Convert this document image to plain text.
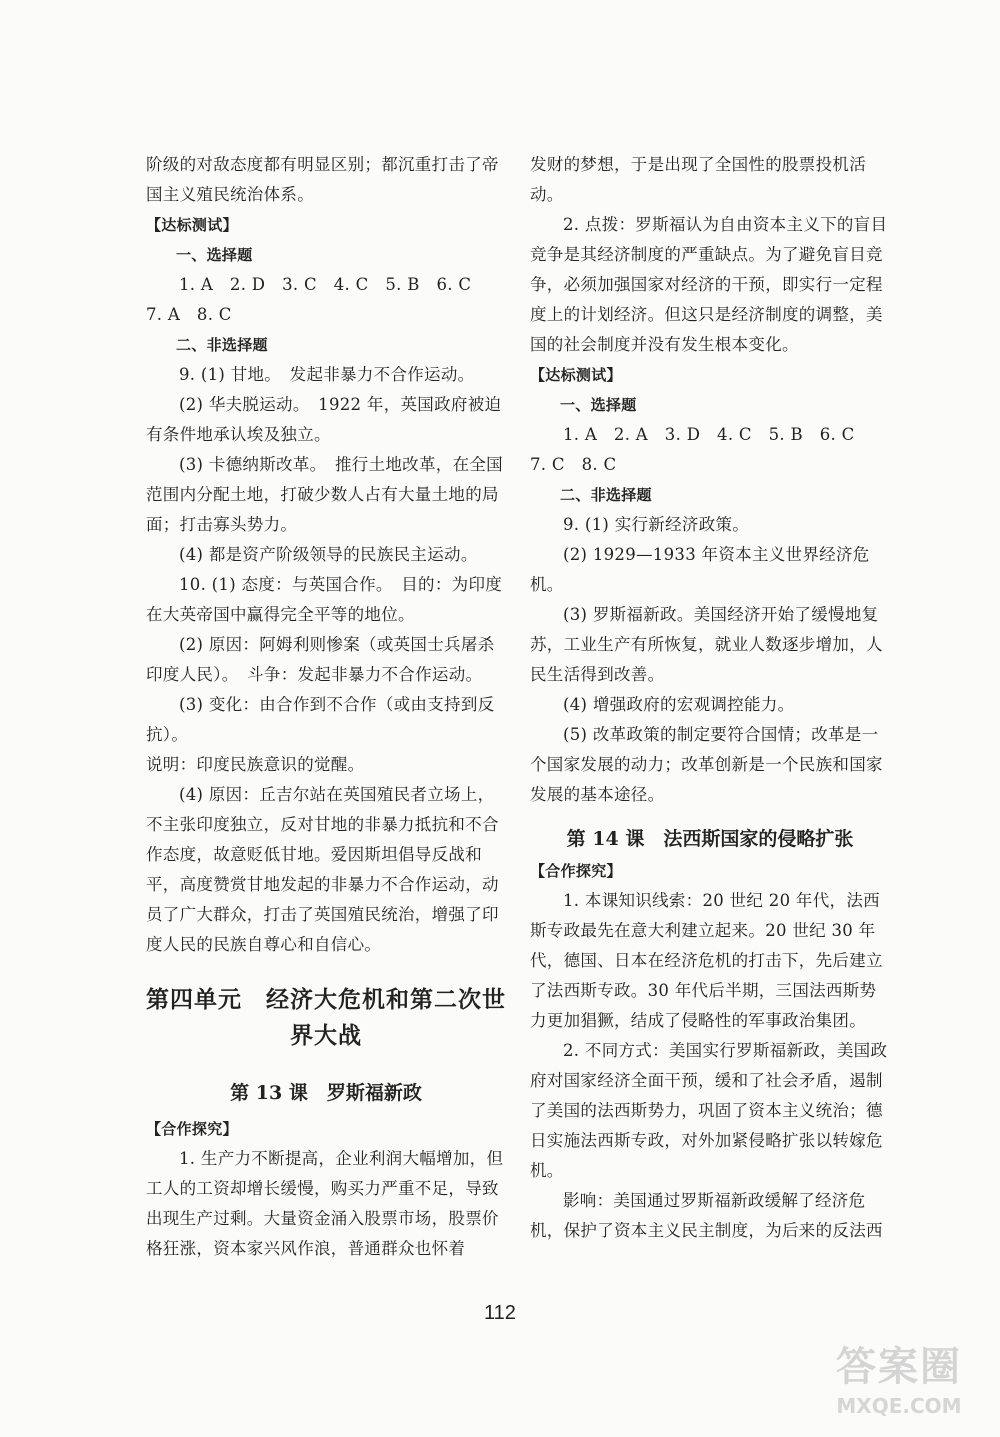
阶级的对敌态度都有明显区别；都沉重打击了帝国主义殖民统治体系。

【达标测试】

一、选择题

1. A　2. D　3. C　4. C　5. B　6. C

7. A　8. C

二、非选择题

9. (1) 甘地。　发起非暴力不合作运动。

(2) 华夫脱运动。　1922 年，英国政府被迫有条件地承认埃及独立。

(3) 卡德纳斯改革。　推行土地改革，在全国范围内分配土地，打破少数人占有大量土地的局面；打击寡头势力。

(4) 都是资产阶级领导的民族民主运动。

10. (1) 态度：与英国合作。　目的：为印度在大英帝国中赢得完全平等的地位。

(2) 原因：阿姆利则惨案（或英国士兵屠杀印度人民）。　斗争：发起非暴力不合作运动。

(3) 变化：由合作到不合作（或由支持到反抗）。

说明：印度民族意识的觉醒。

(4) 原因：丘吉尔站在英国殖民者立场上，不主张印度独立，反对甘地的非暴力抵抗和不合作态度，故意贬低甘地。爱因斯坦倡导反战和平，高度赞赏甘地发起的非暴力不合作运动，动员了广大群众，打击了英国殖民统治，增强了印度人民的民族自尊心和自信心。

第四单元　经济大危机和第二次世
界大战
第 13 课　罗斯福新政

【合作探究】

1. 生产力不断提高，企业利润大幅增加，但工人的工资却增长缓慢，购买力严重不足，导致出现生产过剩。大量资金涌入股票市场，股票价格狂涨，资本家兴风作浪，普通群众也怀着

发财的梦想，于是出现了全国性的股票投机活动。

2. 点拨：罗斯福认为自由资本主义下的盲目竞争是其经济制度的严重缺点。为了避免盲目竞争，必须加强国家对经济的干预，即实行一定程度上的计划经济。但这只是经济制度的调整，美国的社会制度并没有发生根本变化。

【达标测试】

一、选择题

1. A　2. A　3. D　4. C　5. B　6. C

7. C　8. C

二、非选择题

9. (1) 实行新经济政策。

(2) 1929—1933 年资本主义世界经济危机。

(3) 罗斯福新政。美国经济开始了缓慢地复苏，工业生产有所恢复，就业人数逐步增加，人民生活得到改善。

(4) 增强政府的宏观调控能力。

(5) 改革政策的制定要符合国情；改革是一个国家发展的动力；改革创新是一个民族和国家发展的基本途径。

第 14 课　法西斯国家的侵略扩张

【合作探究】

1. 本课知识线索：20 世纪 20 年代，法西斯专政最先在意大利建立起来。20 世纪 30 年代，德国、日本在经济危机的打击下，先后建立了法西斯专政。30 年代后半期，三国法西斯势力更加猖獗，结成了侵略性的军事政治集团。

2. 不同方式：美国实行罗斯福新政，美国政府对国家经济全面干预，缓和了社会矛盾，遏制了美国的法西斯势力，巩固了资本主义统治；德日实施法西斯专政，对外加紧侵略扩张以转嫁危机。

影响：美国通过罗斯福新政缓解了经济危机，保护了资本主义民主制度，为后来的反法西

112
答案圈
MXQE.COM
